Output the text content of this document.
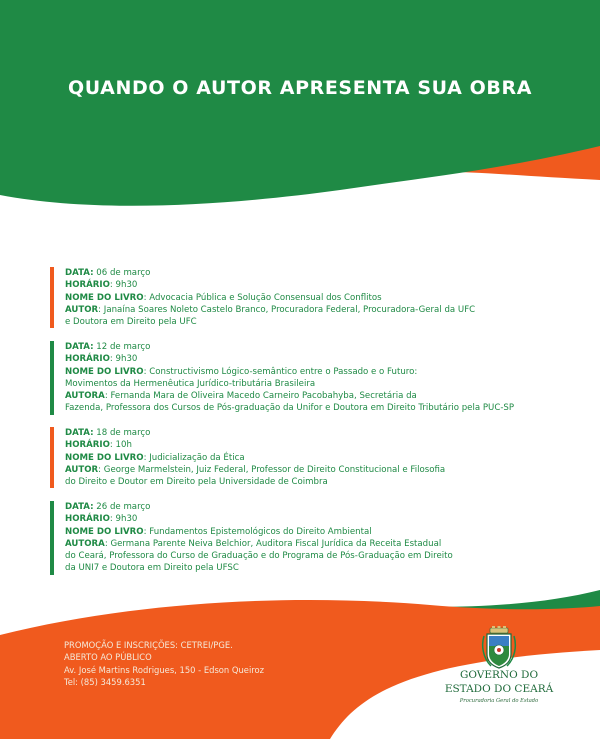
QUANDO O AUTOR APRESENTA SUA OBRA
DATA: 06 de março
HORÁRIO: 9h30
NOME DO LIVRO: Advocacia Pública e Solução Consensual dos Conflitos
AUTOR: Janaína Soares Noleto Castelo Branco, Procuradora Federal, Procuradora-Geral da UFC
e Doutora em Direito pela UFC
DATA: 12 de março
HORÁRIO: 9h30
NOME DO LIVRO: Constructivismo Lógico-semântico entre o Passado e o Futuro:
Movimentos da Hermenêutica Jurídico-tributária Brasileira
AUTORA: Fernanda Mara de Oliveira Macedo Carneiro Pacobahyba, Secretária da
Fazenda, Professora dos Cursos de Pós-graduação da Unifor e Doutora em Direito Tributário pela PUC-SP
DATA: 18 de março
HORÁRIO: 10h
NOME DO LIVRO: Judicialização da Ética
AUTOR: George Marmelstein, Juiz Federal, Professor de Direito Constitucional e Filosofia
do Direito e Doutor em Direito pela Universidade de Coimbra
DATA: 26 de março
HORÁRIO: 9h30
NOME DO LIVRO: Fundamentos Epistemológicos do Direito Ambiental
AUTORA: Germana Parente Neiva Belchior, Auditora Fiscal Jurídica da Receita Estadual
do Ceará, Professora do Curso de Graduação e do Programa de Pós-Graduação em Direito
da UNI7 e Doutora em Direito pela UFSC
PROMOÇÃO E INSCRIÇÕES: CETREI/PGE.
ABERTO AO PÚBLICO
Av. José Martins Rodrigues, 150 - Edson Queiroz
Tel: (85) 3459.6351
GOVERNO DO
ESTADO DO CEARÁ
Procuradoria Geral do Estado
